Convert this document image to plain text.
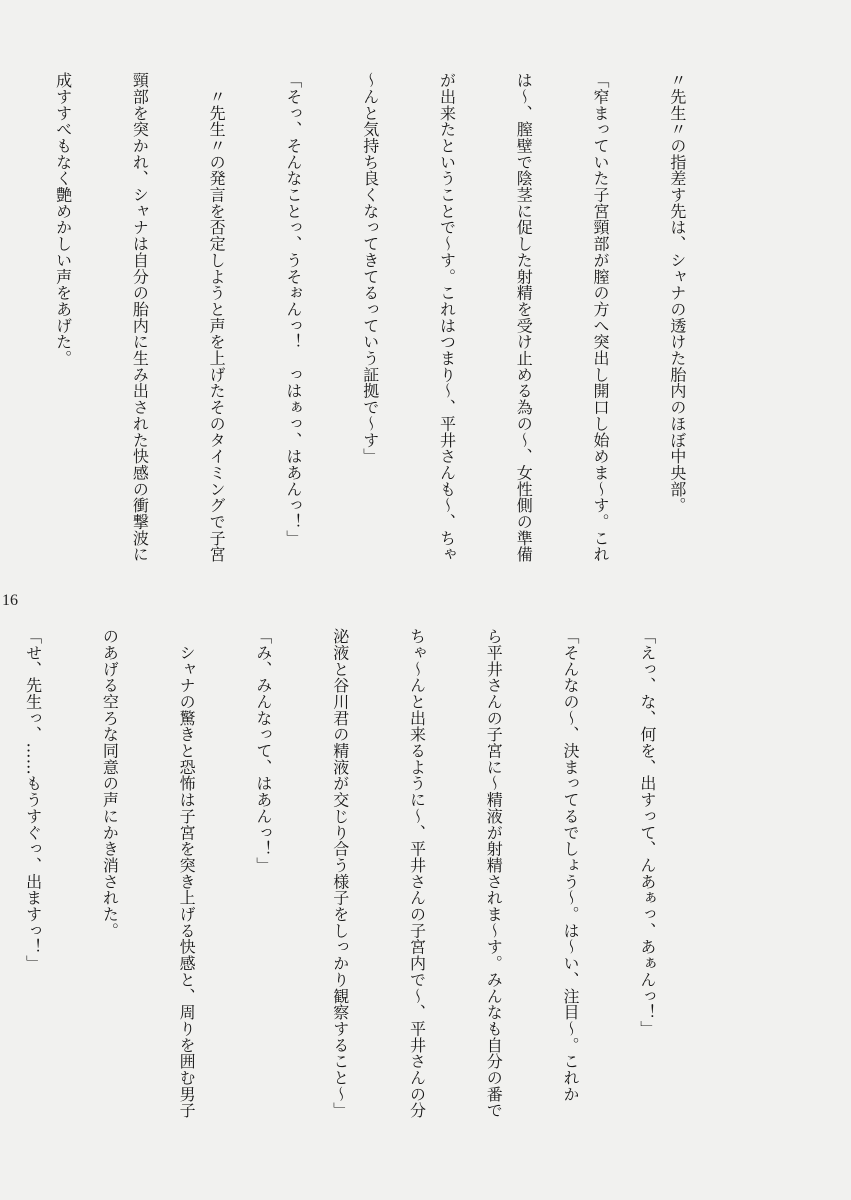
〃先生〃の指差す先は、シャナの透けた胎内のほぼ中央部。

「窄まっていた子宮頸部が膣の方へ突出し開口し始めま～す。これ

は～、膣壁で陰茎に促した射精を受け止める為の～、女性側の準備

が出来たということで～す。これはつまり～、平井さんも～、ちゃ

～んと気持ち良くなってきてるっていう証拠で～す」

「そっ、そんなことっ、うそぉんっ！　っはぁっ、はあんっ！」

　〃先生〃の発言を否定しようと声を上げたそのタイミングで子宮

頸部を突かれ、シャナは自分の胎内に生み出された快感の衝撃波に

成すすべもなく艶めかしい声をあげた。

16

「えっ、な、何を、出すって、んあぁっ、あぁんっ！」

「そんなの～、決まってるでしょう～。は～い、注目～。これか

ら平井さんの子宮に～精液が射精されま～す。みんなも自分の番で

ちゃ～んと出来るように～、平井さんの子宮内で～、平井さんの分

泌液と谷川君の精液が交じり合う様子をしっかり観察すること～」

「み、みんなって、はあんっ！」

　シャナの驚きと恐怖は子宮を突き上げる快感と、周りを囲む男子

のあげる空ろな同意の声にかき消された。

「せ、先生っ、……もうすぐっ、出ますっ！」
